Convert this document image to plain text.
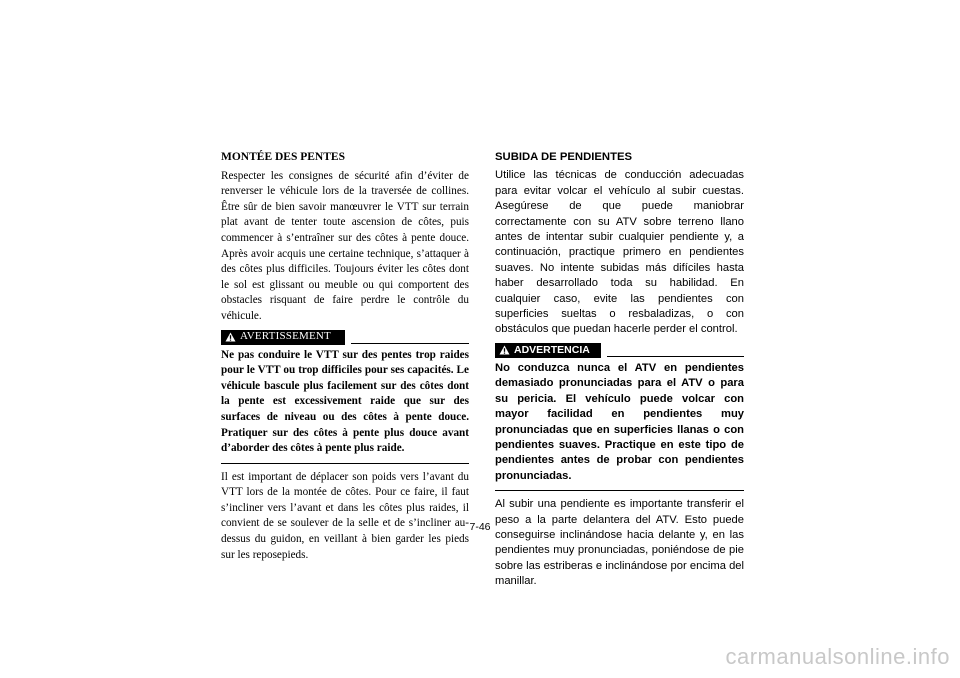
MONTÉE DES PENTES

Respecter les consignes de sécurité afin d’éviter de renverser le véhicule lors de la traversée de collines. Être sûr de bien savoir manœuvrer le VTT sur terrain plat avant de tenter toute ascension de côtes, puis commencer à s’entraîner sur des côtes à pente douce. Après avoir acquis une certaine technique, s’attaquer à des côtes plus difficiles. Toujours éviter les côtes dont le sol est glissant ou meuble ou qui comportent des obstacles risquant de faire perdre le contrôle du véhicule.

AVERTISSEMENT

Ne pas conduire le VTT sur des pentes trop raides pour le VTT ou trop difficiles pour ses capacités. Le véhicule bascule plus facilement sur des côtes dont la pente est excessivement raide que sur des surfaces de niveau ou des côtes à pente douce. Pratiquer sur des côtes à pente plus douce avant d’aborder des côtes à pente plus raide.

Il est important de déplacer son poids vers l’avant du VTT lors de la montée de côtes. Pour ce faire, il faut s’incliner vers l’avant et dans les côtes plus raides, il convient de se soulever de la selle et de s’incliner au-dessus du guidon, en veillant à bien garder les pieds sur les reposepieds.

SUBIDA DE PENDIENTES

Utilice las técnicas de conducción adecuadas para evitar volcar el vehículo al subir cuestas. Asegúrese de que puede maniobrar correctamente con su ATV sobre terreno llano antes de intentar subir cualquier pendiente y, a continuación, practique primero en pendientes suaves. No intente subidas más difíciles hasta haber desarrollado toda su habilidad. En cualquier caso, evite las pendientes con superficies sueltas o resbaladizas, o con obstáculos que puedan hacerle perder el control.

ADVERTENCIA

No conduzca nunca el ATV en pendientes demasiado pronunciadas para el ATV o para su pericia. El vehículo puede volcar con mayor facilidad en pendientes muy pronunciadas que en superficies llanas o con pendientes suaves. Practique en este tipo de pendientes antes de probar con pendientes pronunciadas.

Al subir una pendiente es importante transferir el peso a la parte delantera del ATV. Esto puede conseguirse inclinándose hacia delante y, en las pendientes muy pronunciadas, poniéndose de pie sobre las estriberas e inclinándose por encima del manillar.

7-46
carmanualsonline.info
